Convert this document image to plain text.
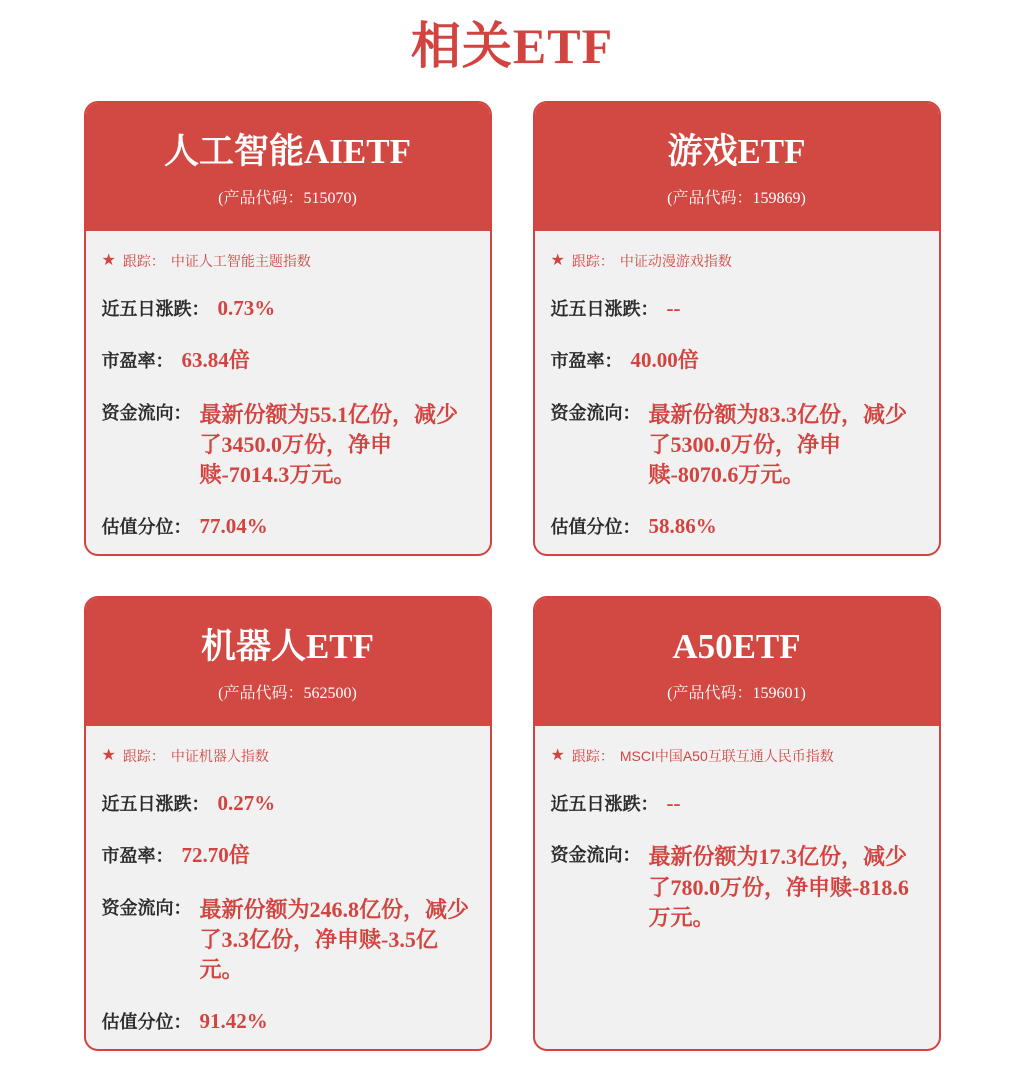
相关ETF
人工智能AIETF
(产品代码：515070)
★ 跟踪： 中证人工智能主题指数
近五日涨跌： 0.73%
市盈率： 63.84倍
资金流向： 最新份额为55.1亿份，减少了3450.0万份，净申赎-7014.3万元。
估值分位： 77.04%
游戏ETF
(产品代码：159869)
★ 跟踪： 中证动漫游戏指数
近五日涨跌： --
市盈率： 40.00倍
资金流向： 最新份额为83.3亿份，减少了5300.0万份，净申赎-8070.6万元。
估值分位： 58.86%
机器人ETF
(产品代码：562500)
★ 跟踪： 中证机器人指数
近五日涨跌： 0.27%
市盈率： 72.70倍
资金流向： 最新份额为246.8亿份，减少了3.3亿份，净申赎-3.5亿元。
估值分位： 91.42%
A50ETF
(产品代码：159601)
★ 跟踪： MSCI中国A50互联互通人民币指数
近五日涨跌： --
资金流向： 最新份额为17.3亿份，减少了780.0万份，净申赎-818.6万元。
